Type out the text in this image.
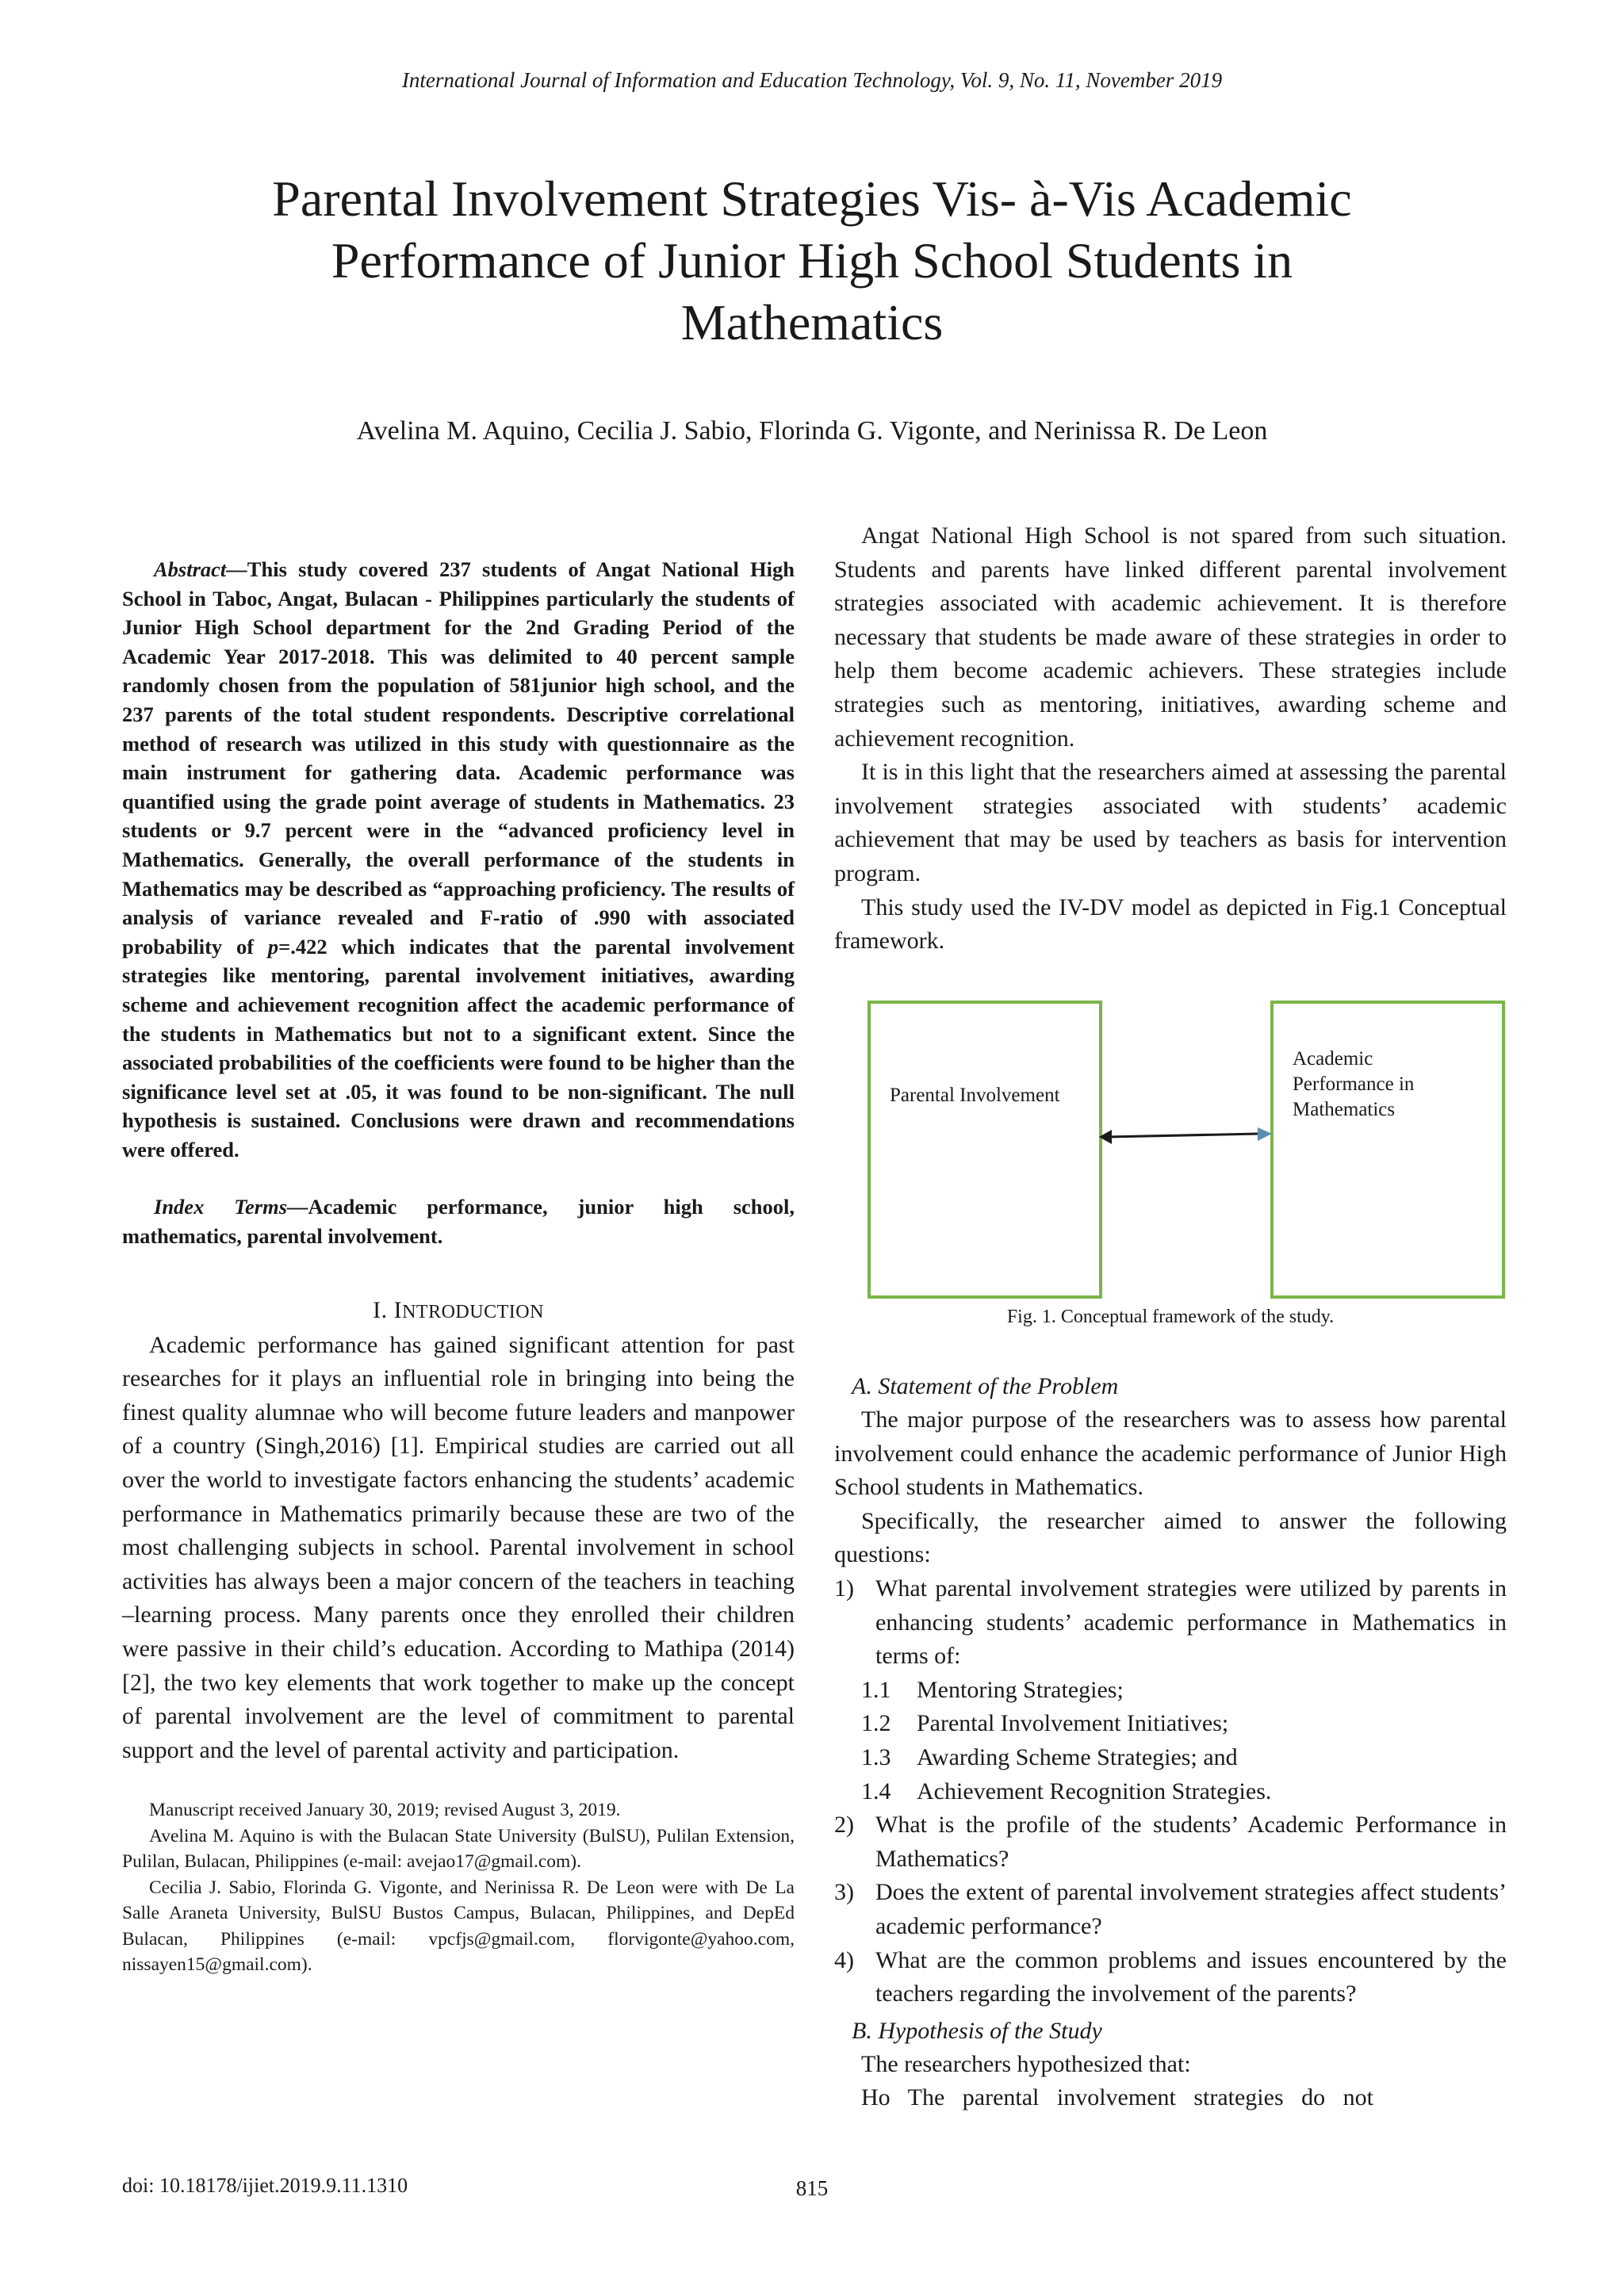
International Journal of Information and Education Technology, Vol. 9, No. 11, November 2019
Parental Involvement Strategies Vis- à-Vis Academic
Performance of Junior High School Students in
Mathematics
Avelina M. Aquino, Cecilia J. Sabio, Florinda G. Vigonte, and Nerinissa R. De Leon

Abstract—This study covered 237 students of Angat National High School in Taboc, Angat, Bulacan - Philippines particularly the students of Junior High School department for the 2nd Grading Period of the Academic Year 2017-2018. This was delimited to 40 percent sample randomly chosen from the population of 581junior high school, and the 237 parents of the total student respondents. Descriptive correlational method of research was utilized in this study with questionnaire as the main instrument for gathering data. Academic performance was quantified using the grade point average of students in Mathematics. 23 students or 9.7 percent were in the “advanced proficiency level in Mathematics. Generally, the overall performance of the students in Mathematics may be described as “approaching proficiency. The results of analysis of variance revealed and F-ratio of .990 with associated probability of p=.422 which indicates that the parental involvement strategies like mentoring, parental involvement initiatives, awarding scheme and achievement recognition affect the academic performance of the students in Mathematics but not to a significant extent. Since the associated probabilities of the coefficients were found to be higher than the significance level set at .05, it was found to be non-significant. The null hypothesis is sustained. Conclusions were drawn and recommendations were offered.

Index Terms—Academic performance, junior high school, mathematics, parental involvement.

I. INTRODUCTION

Academic performance has gained significant attention for past researches for it plays an influential role in bringing into being the finest quality alumnae who will become future leaders and manpower of a country (Singh,2016) [1]. Empirical studies are carried out all over the world to investigate factors enhancing the students’ academic performance in Mathematics primarily because these are two of the most challenging subjects in school. Parental involvement in school activities has always been a major concern of the teachers in teaching –learning process. Many parents once they enrolled their children were passive in their child’s education. According to Mathipa (2014) [2], the two key elements that work together to make up the concept of parental involvement are the level of commitment to parental support and the level of parental activity and participation.

Manuscript received January 30, 2019; revised August 3, 2019.

Avelina M. Aquino is with the Bulacan State University (BulSU), Pulilan Extension, Pulilan, Bulacan, Philippines (e-mail: avejao17@gmail.com).

Cecilia J. Sabio, Florinda G. Vigonte, and Nerinissa R. De Leon were with De La Salle Araneta University, BulSU Bustos Campus, Bulacan, Philippines, and DepEd Bulacan, Philippines (e-mail: vpcfjs@gmail.com, florvigonte@yahoo.com, nissayen15@gmail.com).

Angat National High School is not spared from such situation. Students and parents have linked different parental involvement strategies associated with academic achievement. It is therefore necessary that students be made aware of these strategies in order to help them become academic achievers. These strategies include strategies such as mentoring, initiatives, awarding scheme and achievement recognition.

It is in this light that the researchers aimed at assessing the parental involvement strategies associated with students’ academic achievement that may be used by teachers as basis for intervention program.

This study used the IV-DV model as depicted in Fig.1 Conceptual framework.

Parental Involvement
Academic
Performance in
Mathematics
Fig. 1. Conceptual framework of the study.

A. Statement of the Problem

The major purpose of the researchers was to assess how parental involvement could enhance the academic performance of Junior High School students in Mathematics.

Specifically, the researcher aimed to answer the following questions:

1) What parental involvement strategies were utilized by parents in enhancing students’ academic performance in Mathematics in terms of:
1.1	Mentoring Strategies;
1.2	Parental Involvement Initiatives;
1.3	Awarding Scheme Strategies; and
1.4	Achievement Recognition Strategies.
2) What is the profile of the students’ Academic Performance in Mathematics?
3) Does the extent of parental involvement strategies affect students’ academic performance?
4) What are the common problems and issues encountered by the teachers regarding the involvement of the parents?

B. Hypothesis of the Study

The researchers hypothesized that:

Ho   The   parental   involvement   strategies   do   not

doi: 10.18178/ijiet.2019.9.11.1310	815
